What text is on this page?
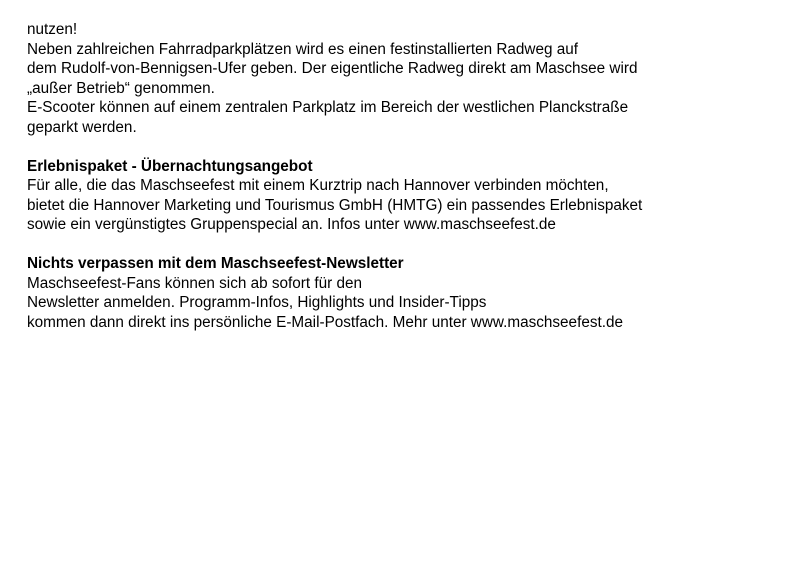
nutzen!
Neben zahlreichen Fahrradparkplätzen wird es einen festinstallierten Radweg auf
dem Rudolf-von-Bennigsen-Ufer geben. Der eigentliche Radweg direkt am Maschsee wird
„außer Betrieb“ genommen.
E-Scooter können auf einem zentralen Parkplatz im Bereich der westlichen Planckstraße
geparkt werden.
Erlebnispaket - Übernachtungsangebot
Für alle, die das Maschseefest mit einem Kurztrip nach Hannover verbinden möchten,
bietet die Hannover Marketing und Tourismus GmbH (HMTG) ein passendes Erlebnispaket
sowie ein vergünstigtes Gruppenspecial an. Infos unter www.maschseefest.de
Nichts verpassen mit dem Maschseefest-Newsletter
Maschseefest-Fans können sich ab sofort für den
Newsletter anmelden. Programm-Infos, Highlights und Insider-Tipps
kommen dann direkt ins persönliche E-Mail-Postfach. Mehr unter www.maschseefest.de
